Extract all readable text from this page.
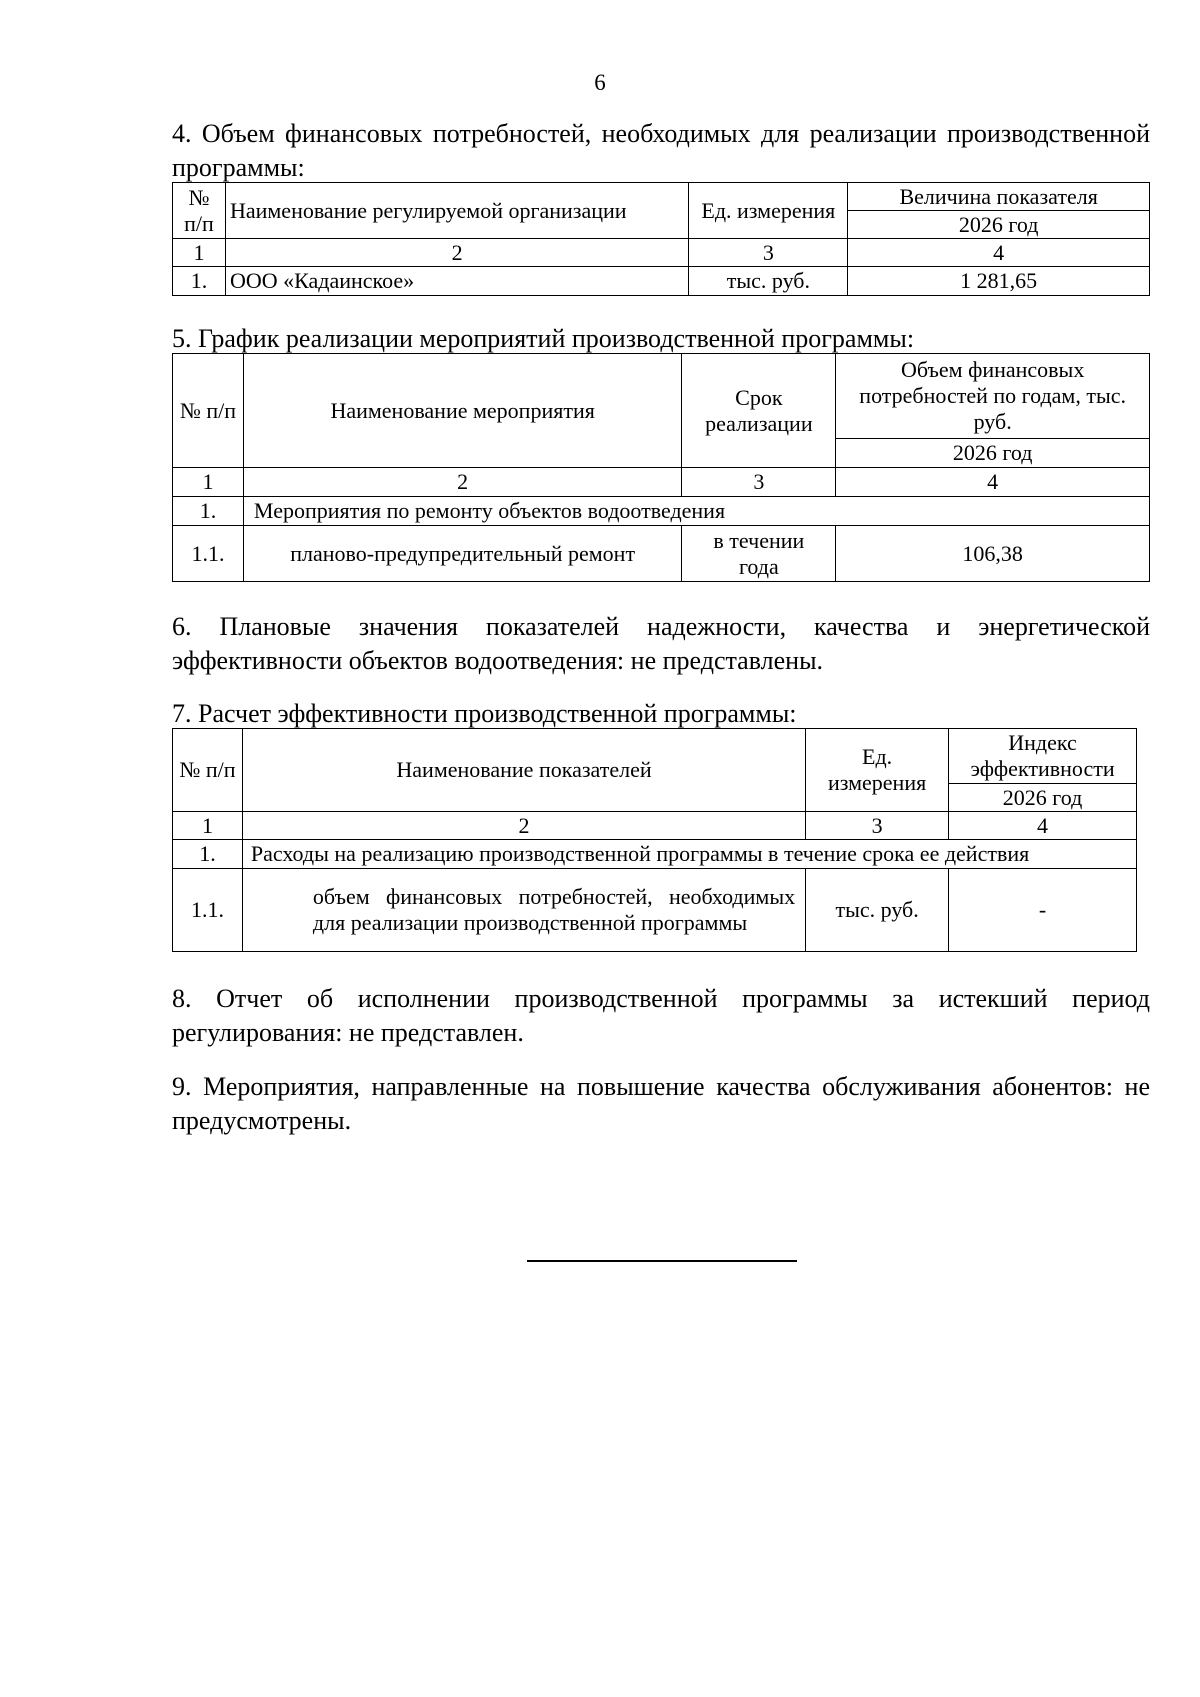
6
4. Объем финансовых потребностей, необходимых для реализации производственной программы:
№ п/п	Наименование регулируемой организации	Ед. измерения	Величина показателя
			2026 год
1	2	3	4
1.	ООО «Кадаинское»	тыс. руб.	1 281,65
5. График реализации мероприятий производственной программы:
№ п/п	Наименование мероприятия	Срок реализации	Объем финансовых потребностей по годам, тыс. руб.
			2026 год
1	2	3	4
1.	Мероприятия по ремонту объектов водоотведения		
1.1.	планово-предупредительный ремонт	в течении года	106,38
6. Плановые значения показателей надежности, качества и энергетической эффективности объектов водоотведения: не представлены.
7. Расчет эффективности производственной программы:
№ п/п	Наименование показателей	Ед. измерения	Индекс эффективности
			2026 год
1	2	3	4
1.	Расходы на реализацию производственной программы в течение срока ее действия		
1.1.	объем финансовых потребностей, необходимых для реализации производственной программы	тыс. руб.	-
8. Отчет об исполнении производственной программы за истекший период регулирования: не представлен.
9. Мероприятия, направленные на повышение качества обслуживания абонентов: не предусмотрены.
